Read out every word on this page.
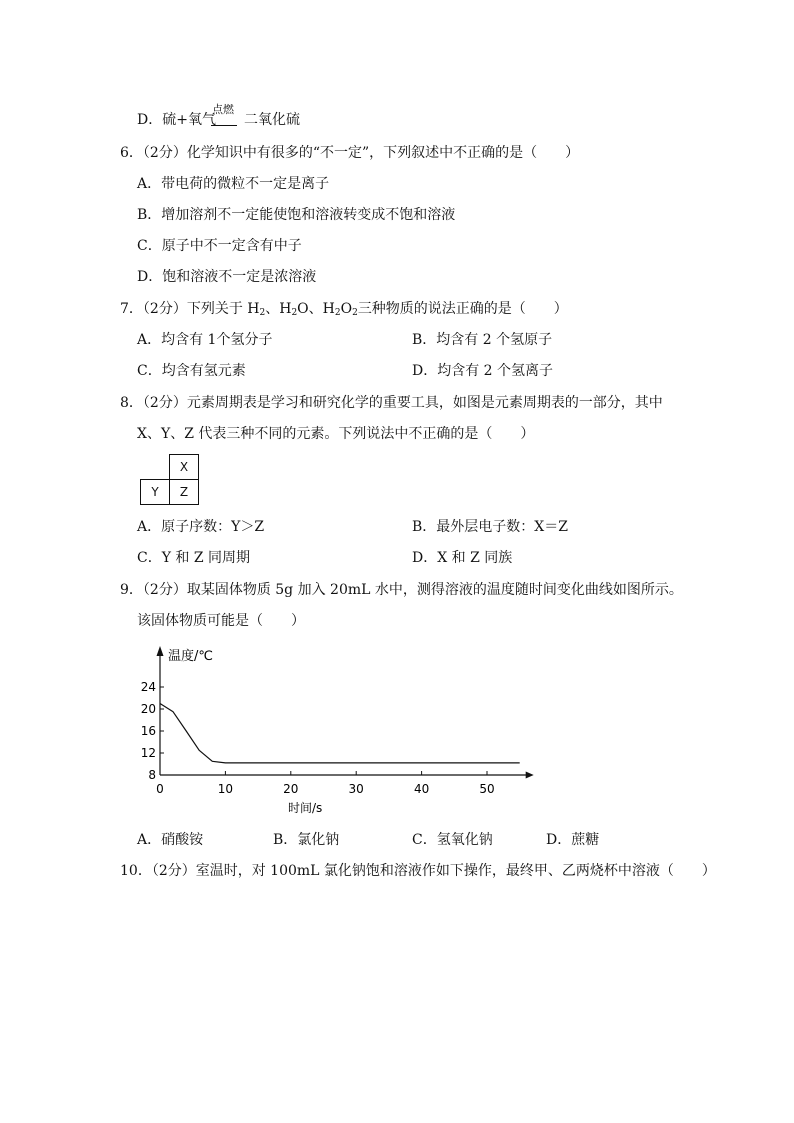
D．硫+氧气 二氧化硫
点燃
6．（2分）化学知识中有很多的“不一定”，下列叙述中不正确的是（　　）
A．带电荷的微粒不一定是离子
B．增加溶剂不一定能使饱和溶液转变成不饱和溶液
C．原子中不一定含有中子
D．饱和溶液不一定是浓溶液
7．（2分）下列关于 $H_2$、$H_2O$、$H_2O_2$三种物质的说法正确的是（　　）
A．均含有 1个氢分子	B．均含有 2 个氢原子
C．均含有氢元素	D．均含有 2 个氢离子
8．（2分）元素周期表是学习和研究化学的重要工具，如图是元素周期表的一部分，其中
X、Y、Z 代表三种不同的元素。下列说法中不正确的是（　　）
	X
Y	Z
A．原子序数：Y＞Z	B．最外层电子数：X＝Z
C．Y 和 Z 同周期	D．X 和 Z 同族
9．（2分）取某固体物质 5g 加入 20mL 水中，测得溶液的温度随时间变化曲线如图所示。
该固体物质可能是（　　）
8
12
16
20
24
0	10	20	30	40	50
温度/℃
时间/s
A．硝酸铵	B．氯化钠	C．氢氧化钠	D．蔗糖
10．（2分）室温时，对 100mL 氯化钠饱和溶液作如下操作，最终甲、乙两烧杯中溶液（　　）
